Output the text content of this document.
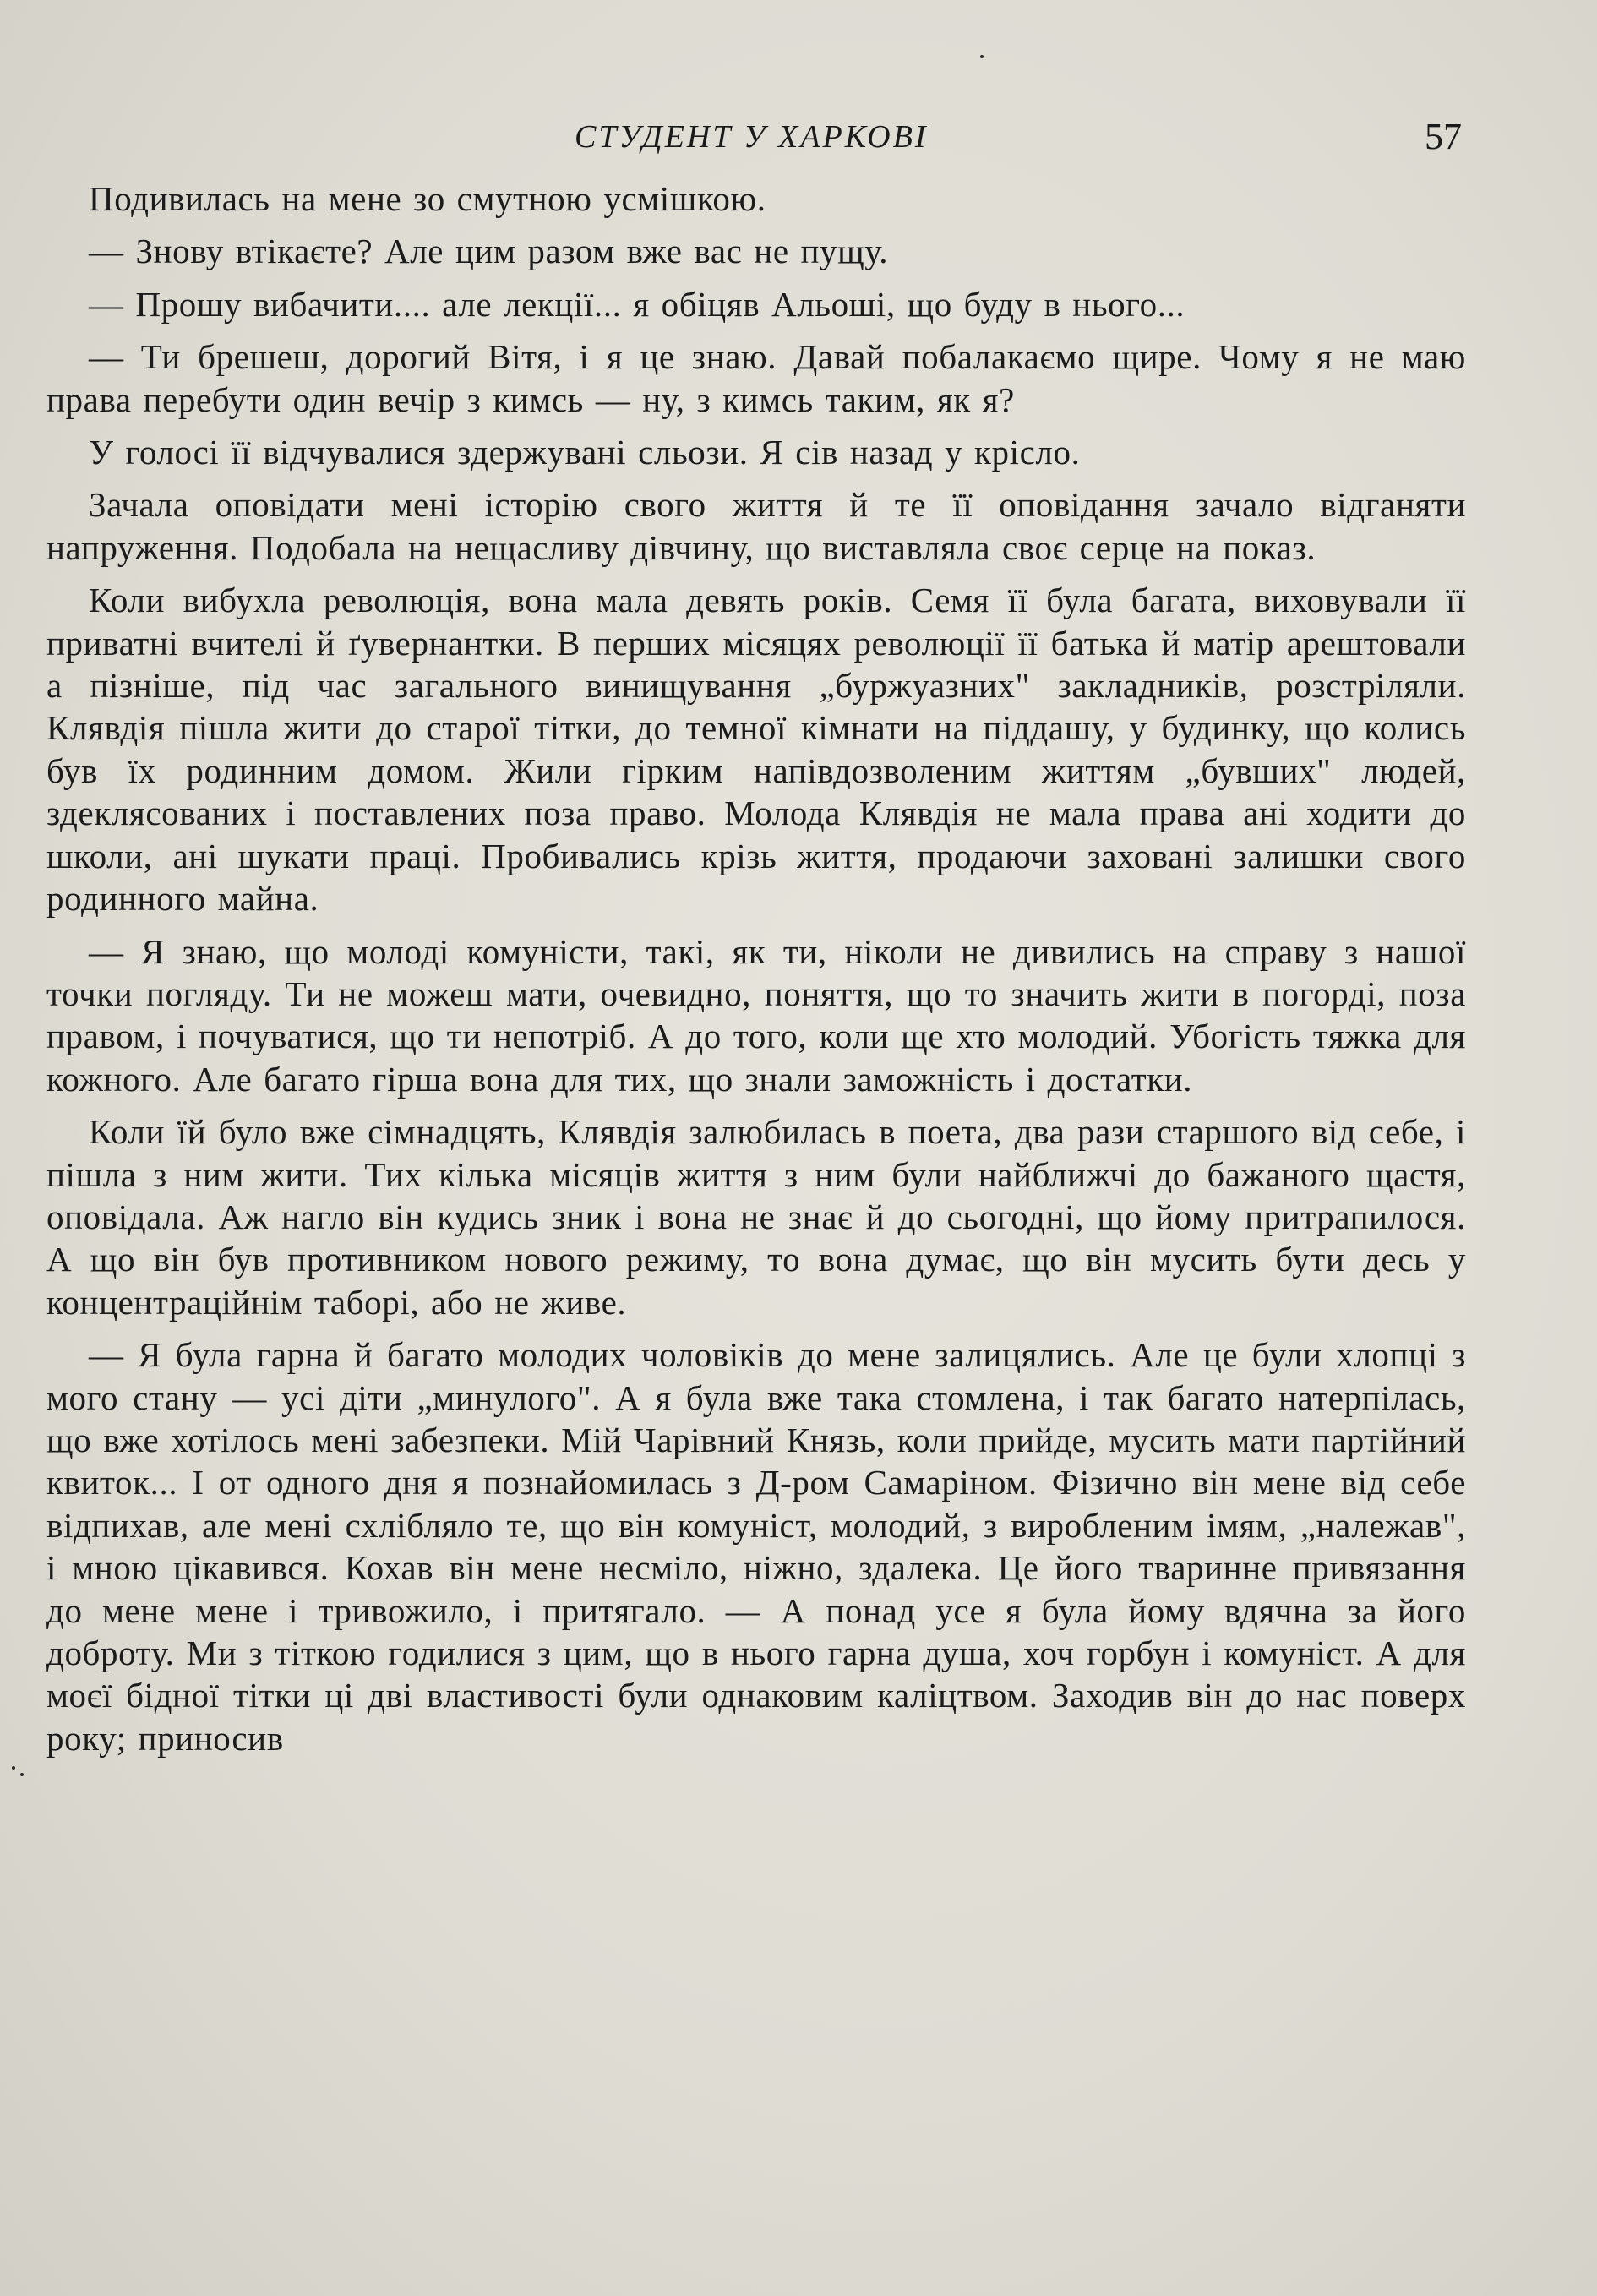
СТУДЕНТ У ХАРКОВІ	57

Подивилась на мене зо смутною усмішкою.

— Знову втікаєте? Але цим разом вже вас не пущу.

— Прошу вибачити.... але лекції... я обіцяв Альоші, що буду в нього...

— Ти брешеш, дорогий Вітя, і я це знаю. Давай побалакаємо щире. Чому я не маю права перебути один вечір з кимсь — ну, з кимсь таким, як я?

У голосі її відчувалися здержувані сльози. Я сів назад у крісло.

Зачала оповідати мені історію свого життя й те її оповідання зачало відганяти напруження. Подобала на нещасливу дівчину, що виставляла своє серце на показ.

Коли вибухла революція, вона мала девять років. Семя її була багата, виховували її приватні вчителі й ґувернантки. В перших місяцях революції її батька й матір арештовали а пізніше, під час загального винищування „буржуазних" закладників, розстріляли. Клявдія пішла жити до старої тітки, до темної кімнати на піддашу, у будинку, що колись був їх родинним домом. Жили гірким напівдозволеним життям „бувших" людей, здеклясованих і поставлених поза право. Молода Клявдія не мала права ані ходити до школи, ані шукати праці. Пробивались крізь життя, продаючи заховані залишки свого родинного майна.

— Я знаю, що молоді комуністи, такі, як ти, ніколи не дивились на справу з нашої точки погляду. Ти не можеш мати, очевидно, поняття, що то значить жити в погорді, поза правом, і почуватися, що ти непотріб. А до того, коли ще хто молодий. Убогість тяжка для кожного. Але багато гірша вона для тих, що знали заможність і достатки.

Коли їй було вже сімнадцять, Клявдія залюбилась в поета, два рази старшого від себе, і пішла з ним жити. Тих кілька місяців життя з ним були найближчі до бажаного щастя, оповідала. Аж нагло він кудись зник і вона не знає й до сьогодні, що йому притрапилося. А що він був противником нового режиму, то вона думає, що він мусить бути десь у концентраційнім таборі, або не живе.

— Я була гарна й багато молодих чоловіків до мене залицялись. Але це були хлопці з мого стану — усі діти „минулого". А я була вже така стомлена, і так багато натерпілась, що вже хотілось мені забезпеки. Мій Чарівний Князь, коли прийде, мусить мати партійний квиток... І от одного дня я познайомилась з Д-ром Самаріном. Фізично він мене від себе відпихав, але мені схлібляло те, що він комуніст, молодий, з виробленим імям, „належав", і мною цікавився. Кохав він мене несміло, ніжно, здалека. Це його тваринне привязання до мене мене і тривожило, і притягало. — А понад усе я була йому вдячна за його доброту. Ми з тіткою годилися з цим, що в нього гарна душа, хоч горбун і комуніст. А для моєї бідної тітки ці дві властивості були однаковим каліцтвом. Заходив він до нас поверх року; приносив
